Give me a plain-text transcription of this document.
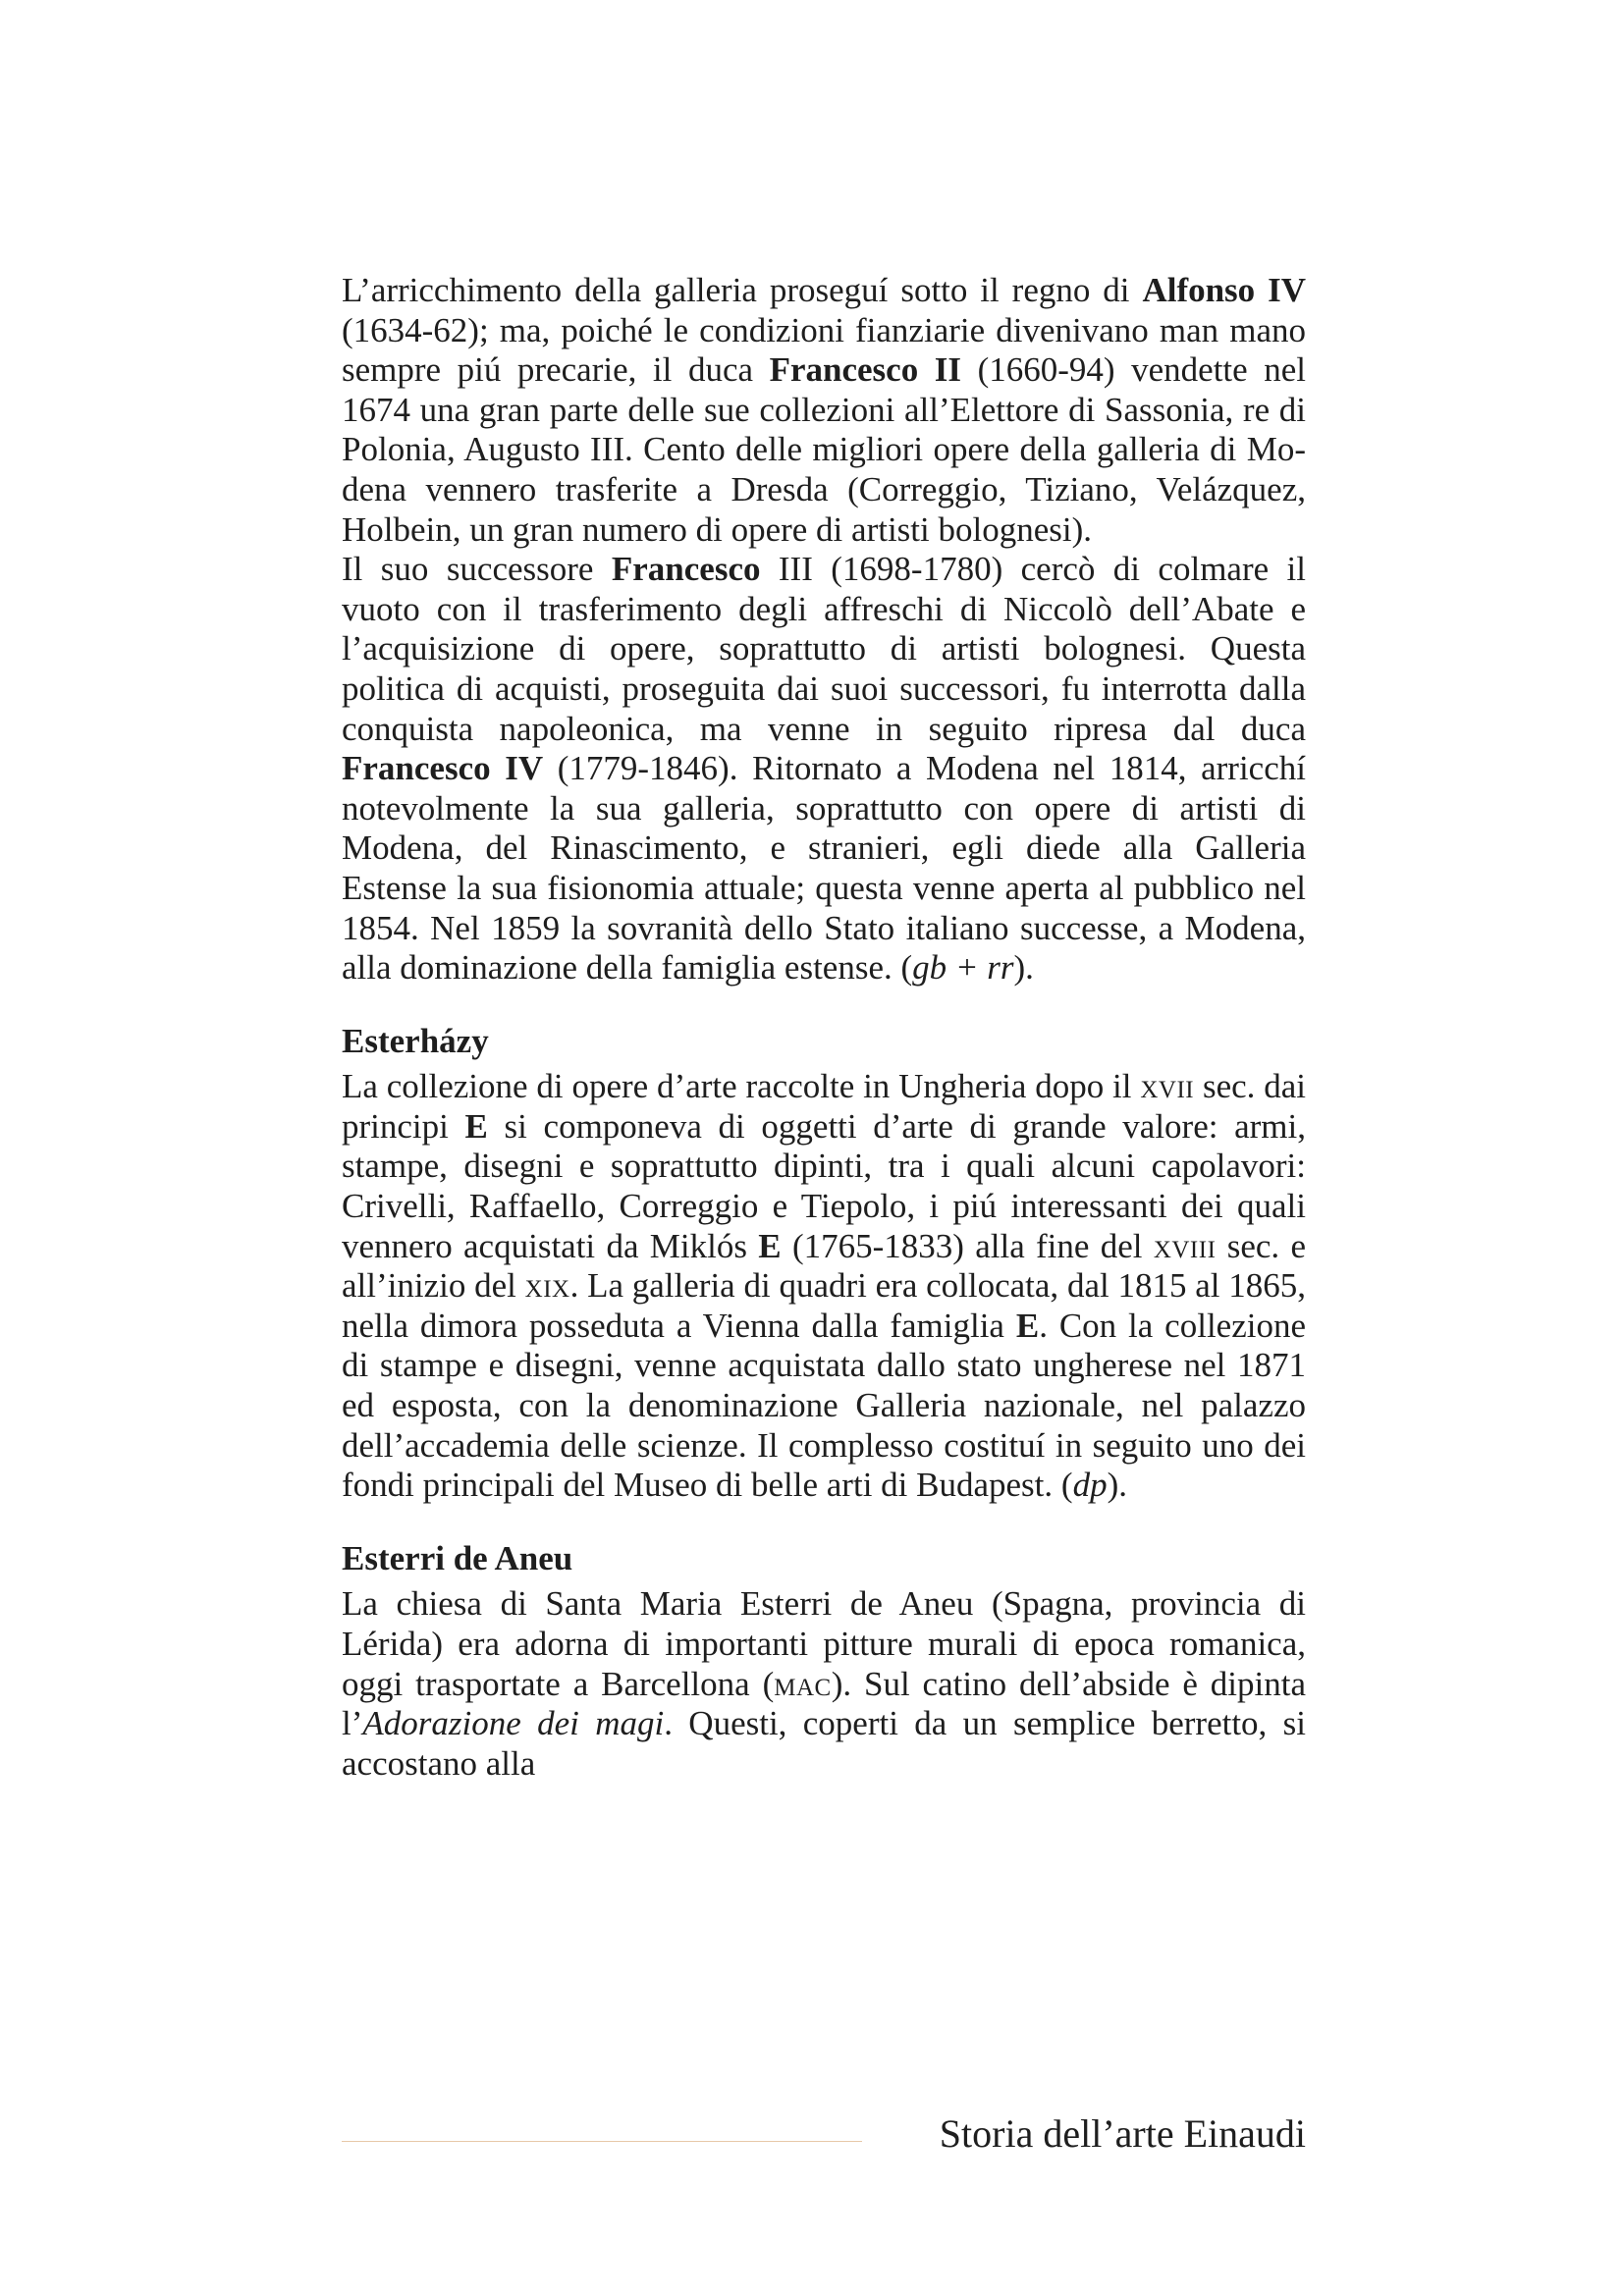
L’arricchimento della galleria proseguí sotto il regno di Alfonso IV (1634-62); ma, poiché le condizioni fianziarie divenivano man mano sempre piú precarie, il duca Francesco II (1660-94) vendette nel 1674 una gran parte delle sue collezioni all’Elettore di Sassonia, re di Polonia, Augusto III. Cento delle migliori opere della galleria di Modena vennero trasferite a Dresda (Correggio, Tiziano, Velázquez, Holbein, un gran numero di opere di artisti bolognesi).

Il suo successore Francesco III (1698-1780) cercò di colmare il vuoto con il trasferimento degli affreschi di Niccolò dell’Abate e l’acquisizione di opere, soprattutto di artisti bolognesi. Questa politica di acquisti, proseguita dai suoi successori, fu interrotta dalla conquista napoleonica, ma venne in seguito ripresa dal duca Francesco IV (1779-1846). Ritornato a Modena nel 1814, arricchí notevolmente la sua galleria, soprattutto con opere di artisti di Modena, del Rinascimento, e stranieri, egli diede alla Galleria Estense la sua fisionomia attuale; questa venne aperta al pubblico nel 1854. Nel 1859 la sovranità dello Stato italiano successe, a Modena, alla dominazione della famiglia estense. (gb + rr).

Esterházy

La collezione di opere d’arte raccolte in Ungheria dopo il xvii sec. dai principi E si componeva di oggetti d’arte di grande valore: armi, stampe, disegni e soprattutto dipinti, tra i quali alcuni capolavori: Crivelli, Raffaello, Correggio e Tiepolo, i piú interessanti dei quali vennero acquistati da Miklós E (1765-1833) alla fine del xviii sec. e all’inizio del xix. La galleria di quadri era collocata, dal 1815 al 1865, nella dimora posseduta a Vienna dalla famiglia E. Con la collezione di stampe e disegni, venne acquistata dallo stato ungherese nel 1871 ed esposta, con la denominazione Galleria nazionale, nel palazzo dell’accademia delle scienze. Il complesso costituí in seguito uno dei fondi principali del Museo di belle arti di Budapest. (dp).

Esterri de Aneu

La chiesa di Santa Maria Esterri de Aneu (Spagna, provincia di Lérida) era adorna di importanti pitture murali di epoca romanica, oggi trasportate a Barcellona (mac). Sul catino dell’abside è dipinta l’Adorazione dei magi. Questi, coperti da un semplice berretto, si accostano alla

Storia dell’arte Einaudi
